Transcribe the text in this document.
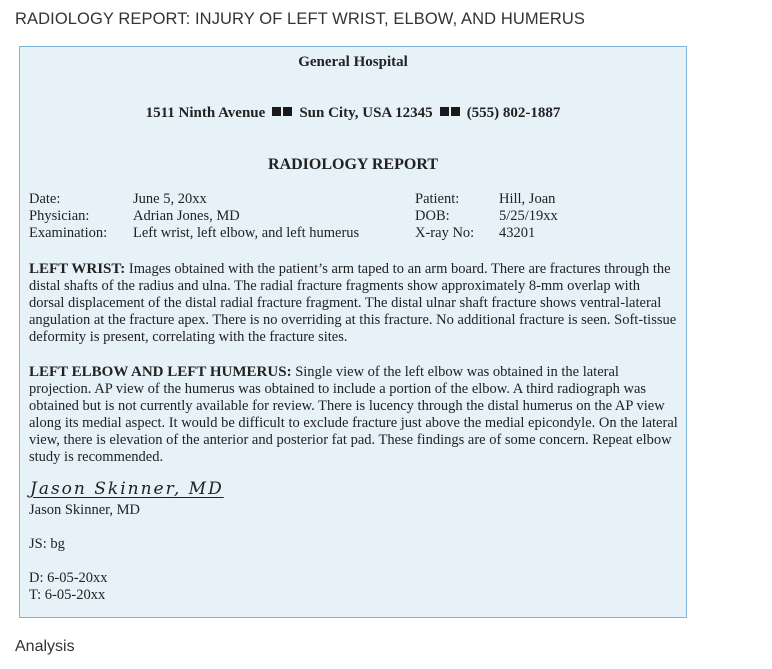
RADIOLOGY REPORT: INJURY OF LEFT WRIST, ELBOW, AND HUMERUS
General Hospital
1511 Ninth Avenue Sun City, USA 12345 (555) 802-1887
RADIOLOGY REPORT
Date:	June 5, 20xx
Physician:	Adrian Jones, MD
Examination:	Left wrist, left elbow, and left humerus
Patient:	Hill, Joan
DOB:	5/25/19xx
X-ray No:	43201
LEFT WRIST: Images obtained with the patient’s arm taped to an arm board. There are fractures through the distal shafts of the radius and ulna. The radial fracture fragments show approximately 8-mm overlap with dorsal displacement of the distal radial fracture fragment. The distal ulnar shaft fracture shows ventral-lateral angulation at the fracture apex. There is no overriding at this fracture. No additional fracture is seen. Soft-tissue deformity is present, correlating with the fracture sites.
LEFT ELBOW AND LEFT HUMERUS: Single view of the left elbow was obtained in the lateral projection. AP view of the humerus was obtained to include a portion of the elbow. A third radiograph was obtained but is not currently available for review. There is lucency through the distal humerus on the AP view along its medial aspect. It would be difficult to exclude fracture just above the medial epicondyle. On the lateral view, there is elevation of the anterior and posterior fat pad. These findings are of some concern. Repeat elbow study is recommended.
Jason Skinner, MD
Jason Skinner, MD
JS: bg
D: 6-05-20xx
T: 6-05-20xx
Analysis
